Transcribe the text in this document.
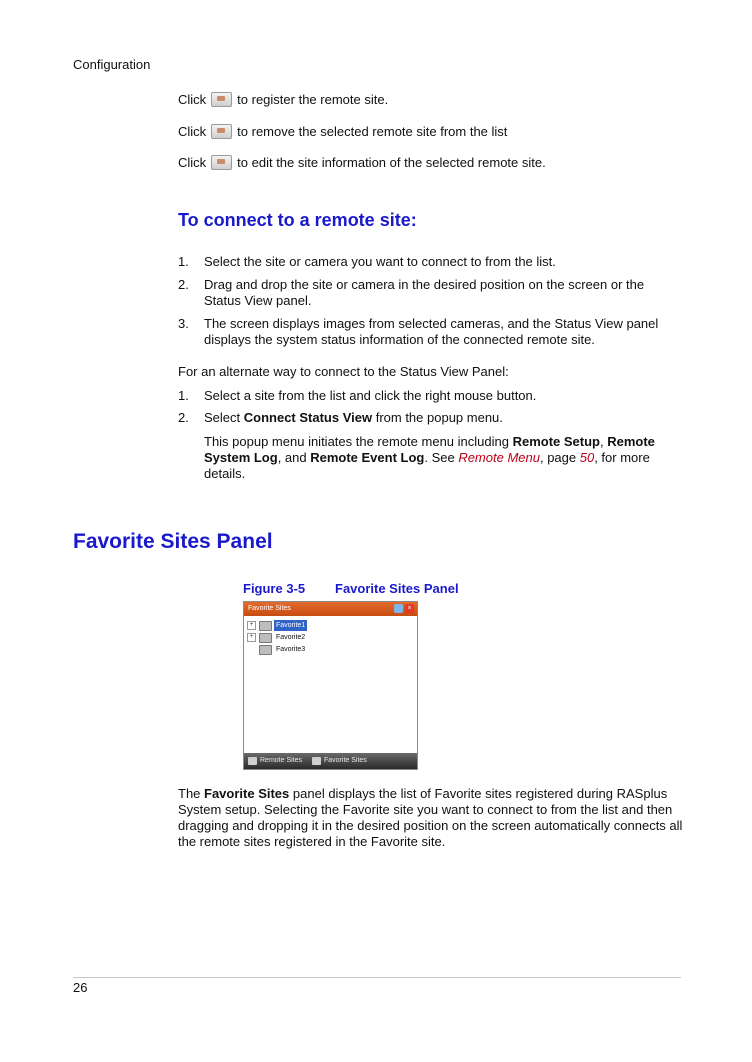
Configuration
Click to register the remote site.
Click to remove the selected remote site from the list
Click to edit the site information of the selected remote site.
To connect to a remote site:
1. Select the site or camera you want to connect to from the list.
2. Drag and drop the site or camera in the desired position on the screen or the Status View panel.
3. The screen displays images from selected cameras, and the Status View panel displays the system status information of the connected remote site.
For an alternate way to connect to the Status View Panel:
1. Select a site from the list and click the right mouse button.
2. Select Connect Status View from the popup menu.
This popup menu initiates the remote menu including Remote Setup, Remote System Log, and Remote Event Log. See Remote Menu, page 50, for more details.
Favorite Sites Panel
Figure 3-5 Favorite Sites Panel
Favorite Sites	×
+	Favorite1
+	Favorite2
Favorite3
Remote Sites	Favorite Sites
The Favorite Sites panel displays the list of Favorite sites registered during RASplus System setup. Selecting the Favorite site you want to connect to from the list and then dragging and dropping it in the desired position on the screen automatically connects all the remote sites registered in the Favorite site.
26
